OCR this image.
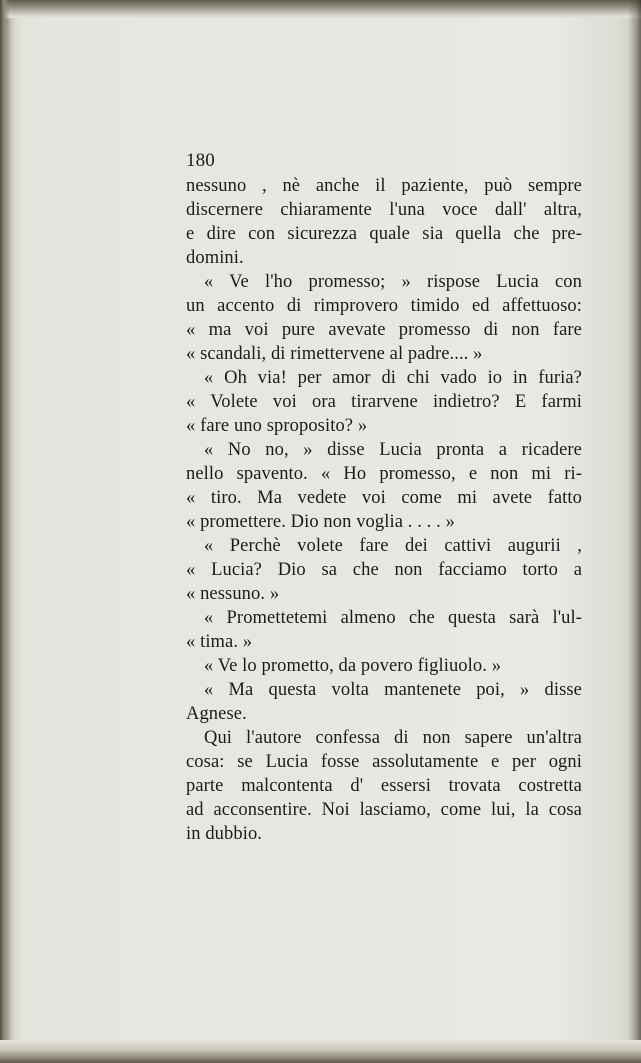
180
nessuno , nè anche il paziente, può sempre
discernere chiaramente l'una voce dall' altra,
e dire con sicurezza quale sia quella che pre-
domini.
« Ve l'ho promesso; » rispose Lucia con
un accento di rimprovero timido ed affettuoso:
« ma voi pure avevate promesso di non fare
« scandali, di rimettervene al padre.... »
« Oh via! per amor di chi vado io in furia?
« Volete voi ora tirarvene indietro? E farmi
« fare uno sproposito? »
« No no, » disse Lucia pronta a ricadere
nello spavento. « Ho promesso, e non mi ri-
« tiro. Ma vedete voi come mi avete fatto
« promettere. Dio non voglia . . . . »
« Perchè volete fare dei cattivi augurii ,
« Lucia? Dio sa che non facciamo torto a
« nessuno. »
« Promettetemi almeno che questa sarà l'ul-
« tima. »
« Ve lo prometto, da povero figliuolo. »
« Ma questa volta mantenete poi, » disse
Agnese.
Qui l'autore confessa di non sapere un'altra
cosa: se Lucia fosse assolutamente e per ogni
parte malcontenta d' essersi trovata costretta
ad acconsentire. Noi lasciamo, come lui, la cosa
in dubbio.
